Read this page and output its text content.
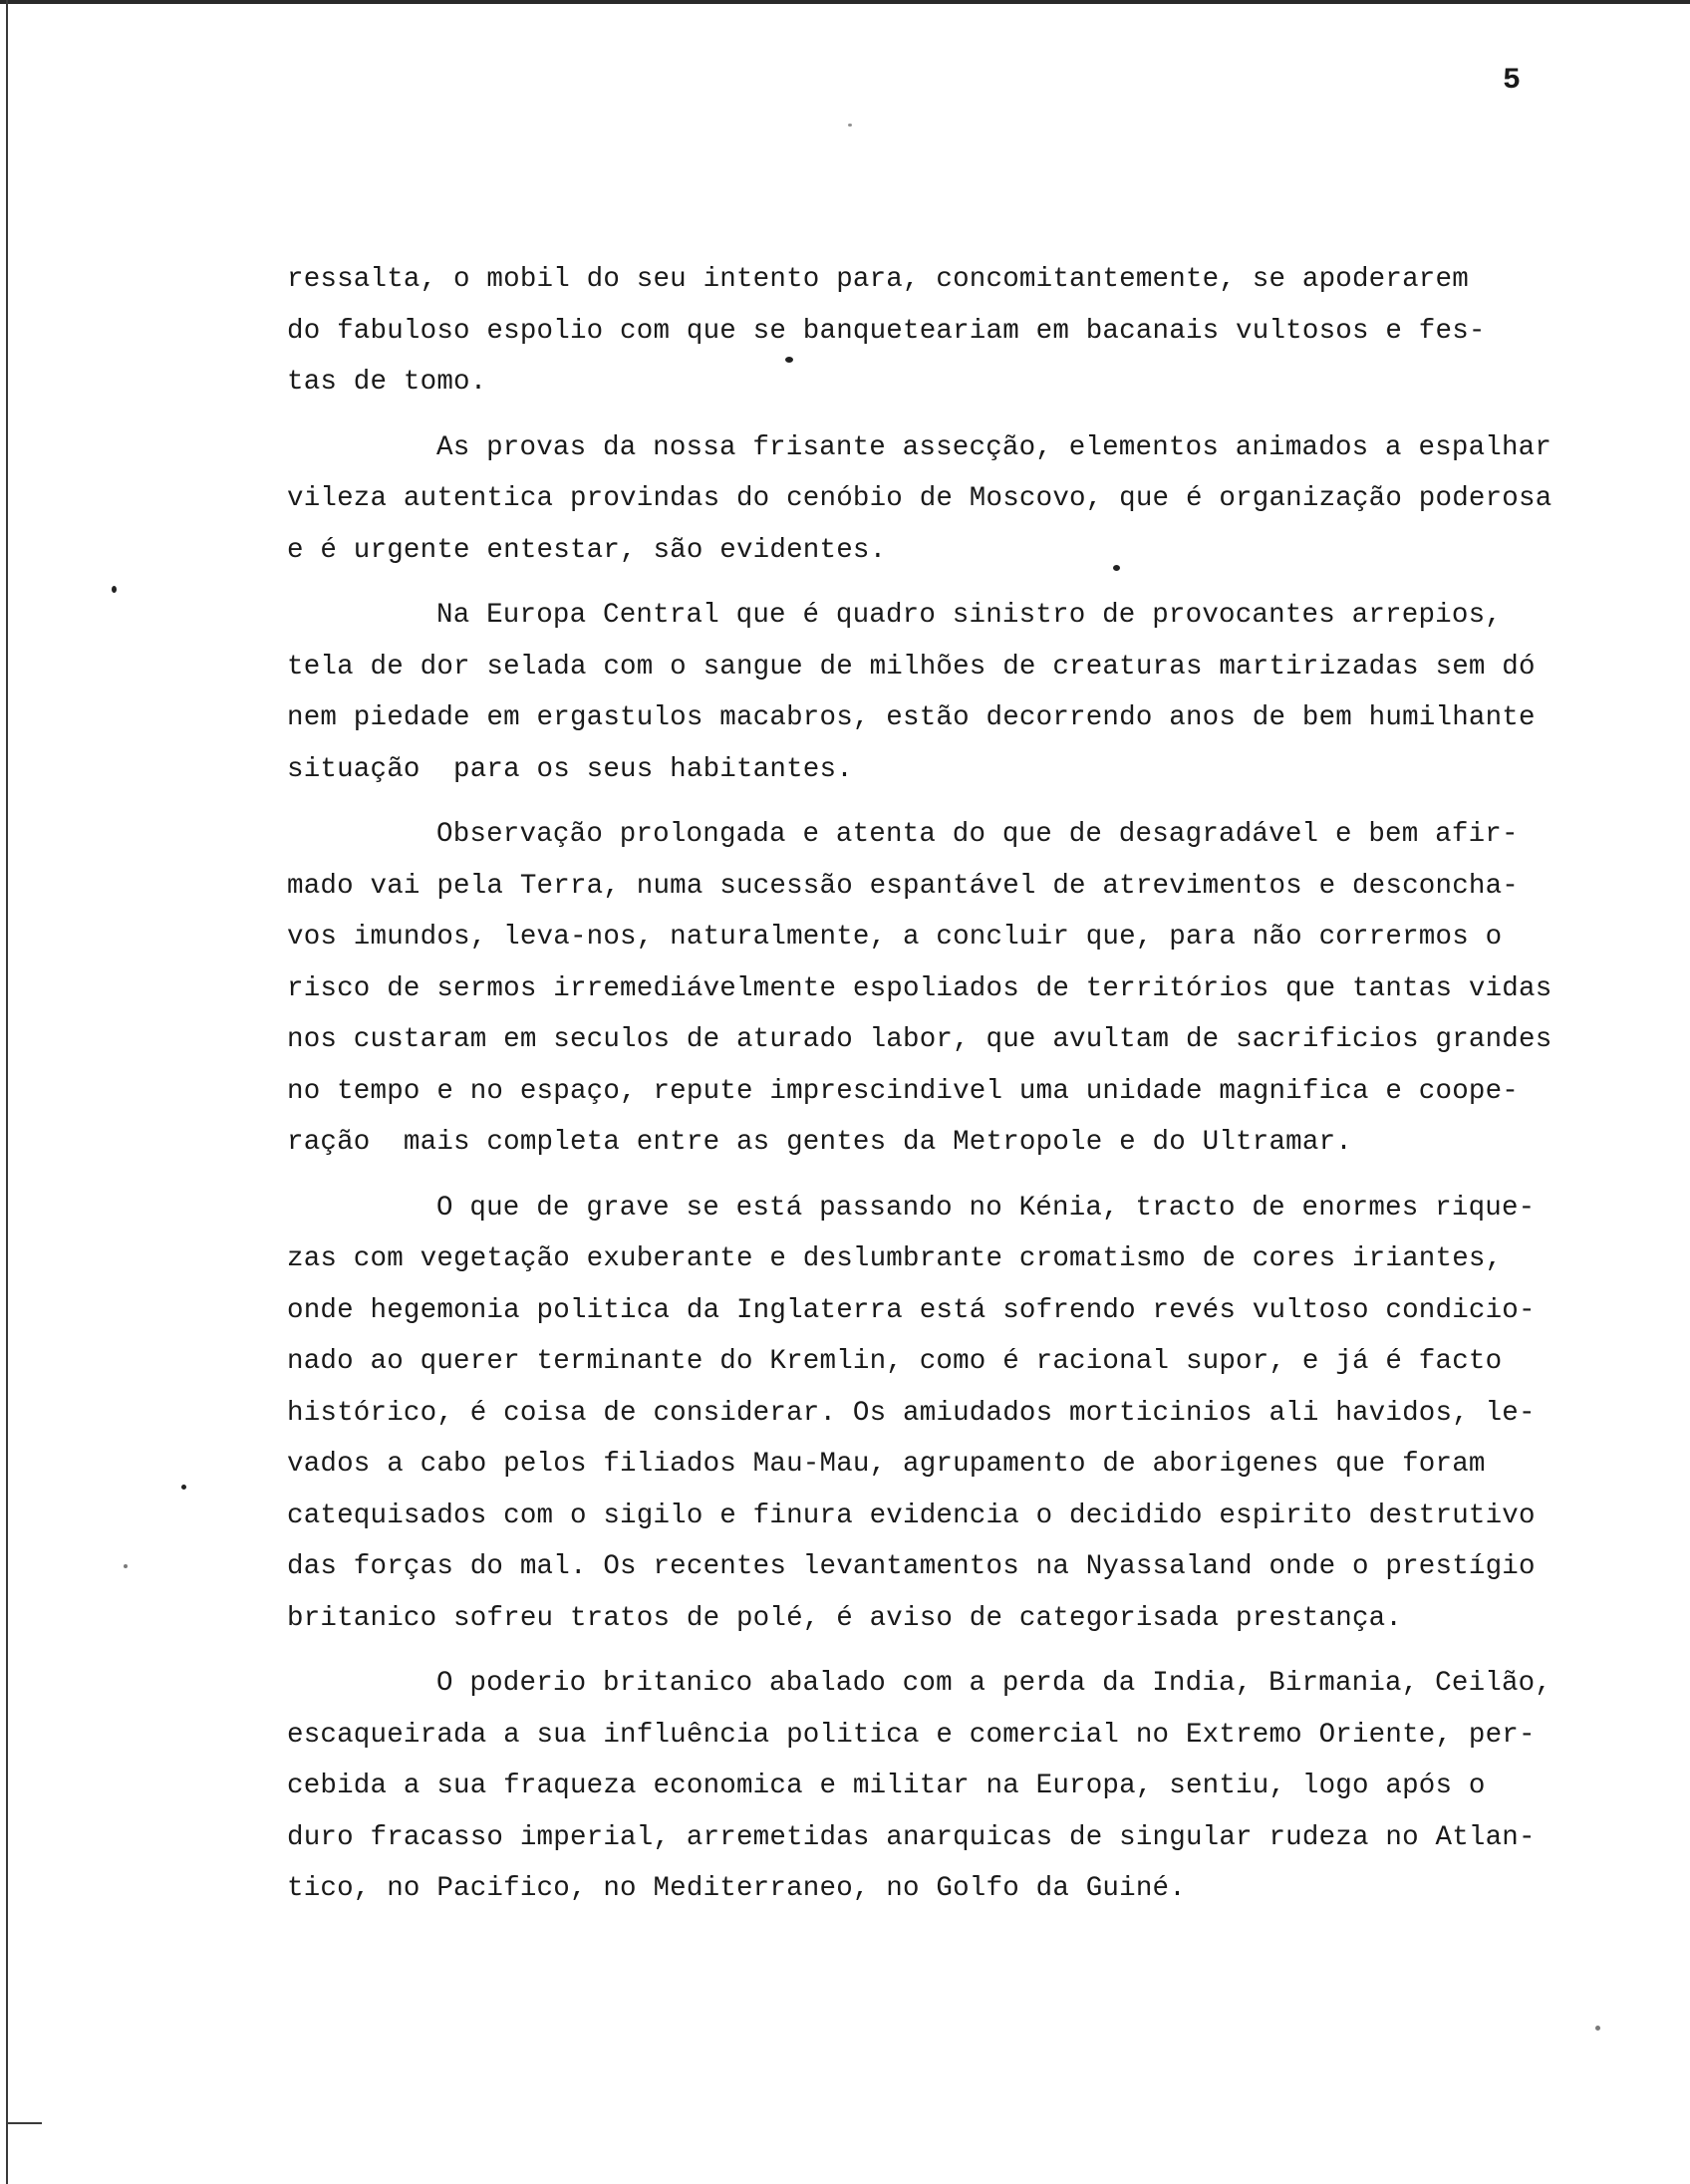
5
ressalta, o mobil do seu intento para, concomitantemente, se apoderarem
do fabuloso espolio com que se banqueteariam em bacanais vultosos e fes-
tas de tomo.
As provas da nossa frisante assecção, elementos animados a espalhar
vileza autentica provindas do cenóbio de Moscovo, que é organização poderosa
e é urgente entestar, são evidentes.
Na Europa Central que é quadro sinistro de provocantes arrepios,
tela de dor selada com o sangue de milhões de creaturas martirizadas sem dó
nem piedade em ergastulos macabros, estão decorrendo anos de bem humilhante
situação  para os seus habitantes.
Observação prolongada e atenta do que de desagradável e bem afir-
mado vai pela Terra, numa sucessão espantável de atrevimentos e desconcha-
vos imundos, leva-nos, naturalmente, a concluir que, para não corrermos o
risco de sermos irremediávelmente espoliados de territórios que tantas vidas
nos custaram em seculos de aturado labor, que avultam de sacrificios grandes
no tempo e no espaço, repute imprescindivel uma unidade magnifica e coope-
ração  mais completa entre as gentes da Metropole e do Ultramar.
O que de grave se está passando no Kénia, tracto de enormes rique-
zas com vegetação exuberante e deslumbrante cromatismo de cores iriantes,
onde hegemonia politica da Inglaterra está sofrendo revés vultoso condicio-
nado ao querer terminante do Kremlin, como é racional supor, e já é facto
histórico, é coisa de considerar. Os amiudados morticinios ali havidos, le-
vados a cabo pelos filiados Mau-Mau, agrupamento de aborigenes que foram
catequisados com o sigilo e finura evidencia o decidido espirito destrutivo
das forças do mal. Os recentes levantamentos na Nyassaland onde o prestígio
britanico sofreu tratos de polé, é aviso de categorisada prestança.
O poderio britanico abalado com a perda da India, Birmania, Ceilão,
escaqueirada a sua influência politica e comercial no Extremo Oriente, per-
cebida a sua fraqueza economica e militar na Europa, sentiu, logo após o
duro fracasso imperial, arremetidas anarquicas de singular rudeza no Atlan-
tico, no Pacifico, no Mediterraneo, no Golfo da Guiné.
